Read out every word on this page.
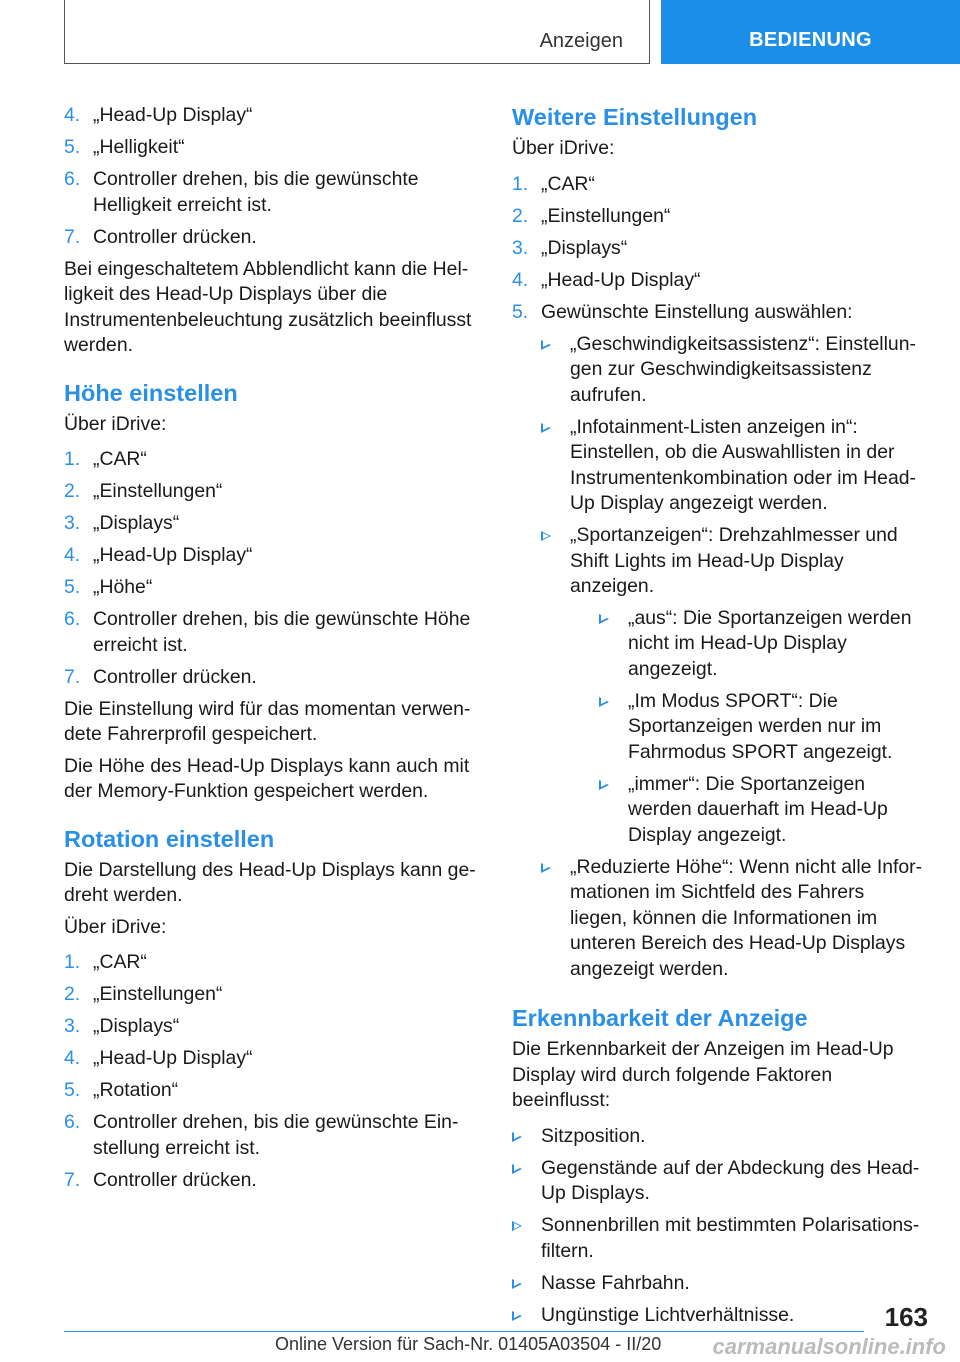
Anzeigen	BEDIENUNG
4. „Head-Up Display“
5. „Helligkeit“
6. Controller drehen, bis die gewünschte Helligkeit erreicht ist.
7. Controller drücken.

Bei eingeschaltetem Abblendlicht kann die Helligkeit des Head-Up Displays über die Instrumentenbeleuchtung zusätzlich beeinflusst werden.

Höhe einstellen

Über iDrive:

1. „CAR“
2. „Einstellungen“
3. „Displays“
4. „Head-Up Display“
5. „Höhe“
6. Controller drehen, bis die gewünschte Höhe erreicht ist.
7. Controller drücken.

Die Einstellung wird für das momentan verwendete Fahrerprofil gespeichert.

Die Höhe des Head-Up Displays kann auch mit der Memory-Funktion gespeichert werden.

Rotation einstellen

Die Darstellung des Head-Up Displays kann gedreht werden.

Über iDrive:

1. „CAR“
2. „Einstellungen“
3. „Displays“
4. „Head-Up Display“
5. „Rotation“
6. Controller drehen, bis die gewünschte Einstellung erreicht ist.
7. Controller drücken.
Weitere Einstellungen

Über iDrive:

1. „CAR“
2. „Einstellungen“
3. „Displays“
4. „Head-Up Display“
5. Gewünschte Einstellung auswählen:
„Geschwindigkeitsassistenz“: Einstellungen zur Geschwindigkeitsassistenz aufrufen.
„Infotainment-Listen anzeigen in“: Einstellen, ob die Auswahllisten in der Instrumentenkombination oder im Head-Up Display angezeigt werden.
„Sportanzeigen“: Drehzahlmesser und Shift Lights im Head-Up Display anzeigen.
„aus“: Die Sportanzeigen werden nicht im Head-Up Display angezeigt.
„Im Modus SPORT“: Die Sportanzeigen werden nur im Fahrmodus SPORT angezeigt.
„immer“: Die Sportanzeigen werden dauerhaft im Head-Up Display angezeigt.
„Reduzierte Höhe“: Wenn nicht alle Informationen im Sichtfeld des Fahrers liegen, können die Informationen im unteren Bereich des Head-Up Displays angezeigt werden.
Erkennbarkeit der Anzeige

Die Erkennbarkeit der Anzeigen im Head-Up Display wird durch folgende Faktoren beeinflusst:

Sitzposition.
Gegenstände auf der Abdeckung des Head-Up Displays.
Sonnenbrillen mit bestimmten Polarisationsfiltern.
Nasse Fahrbahn.
Ungünstige Lichtverhältnisse.	163
Online Version für Sach-Nr. 01405A03504 - II/20 carmanualsonline.info
